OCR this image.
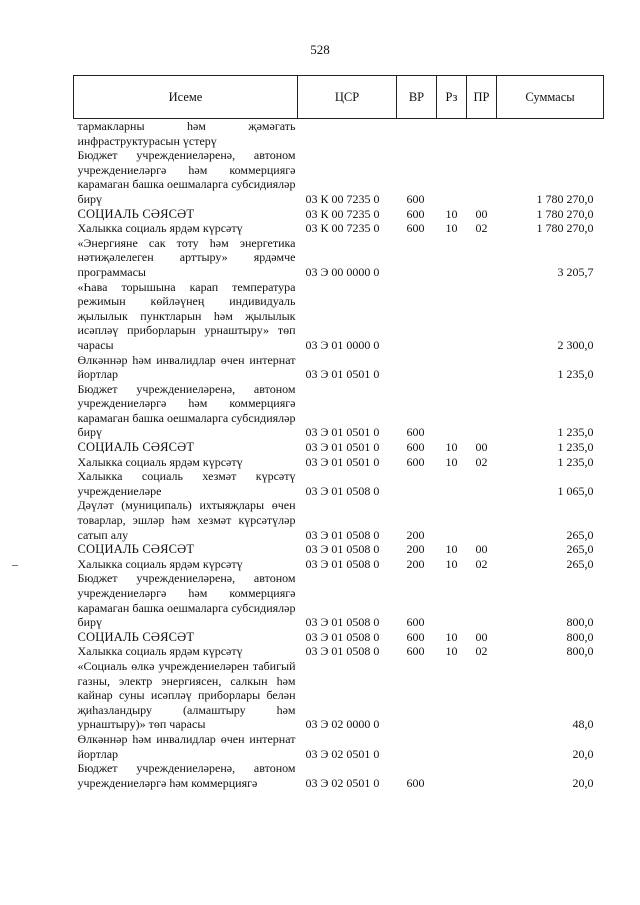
528
Исеме	ЦСР	ВР	Рз	ПР	Суммасы
тармакларны һәм җәмәгать инфраструктурасын үстерү					
Бюджет учреждениеләренә, автоном учреждениеләргә һәм коммерциягә карамаган башка оешмаларга субсидияләр бирү	03 К 00 7235 0	600			1 780 270,0
СОЦИАЛЬ СӘЯСӘТ	03 К 00 7235 0	600	10	00	1 780 270,0
Халыкка социаль ярдәм күрсәтү	03 К 00 7235 0	600	10	02	1 780 270,0
«Энергияне сак тоту һәм энергетика нәтиҗәлелеген арттыру» ярдәмче программасы	03 Э 00 0000 0				3 205,7
«Һава торышына карап температура режимын көйләүнең индивидуаль җылылык пунктларын һәм җылылык исәпләү приборларын урнаштыру» төп чарасы	03 Э 01 0000 0				2 300,0
Өлкәннәр һәм инвалидлар өчен интернат йортлар	03 Э 01 0501 0				1 235,0
Бюджет учреждениеләренә, автоном учреждениеләргә һәм коммерциягә карамаган башка оешмаларга субсидияләр бирү	03 Э 01 0501 0	600			1 235,0
СОЦИАЛЬ СӘЯСӘТ	03 Э 01 0501 0	600	10	00	1 235,0
Халыкка социаль ярдәм күрсәтү	03 Э 01 0501 0	600	10	02	1 235,0
Халыкка социаль хезмәт күрсәтү учреждениеләре	03 Э 01 0508 0				1 065,0
Дәүләт (муниципаль) ихтыяҗлары өчен товарлар, эшләр һәм хезмәт күрсәтүләр сатып алу	03 Э 01 0508 0	200			265,0
СОЦИАЛЬ СӘЯСӘТ	03 Э 01 0508 0	200	10	00	265,0
Халыкка социаль ярдәм күрсәтү	03 Э 01 0508 0	200	10	02	265,0
Бюджет учреждениеләренә, автоном учреждениеләргә һәм коммерциягә карамаган башка оешмаларга субсидияләр бирү	03 Э 01 0508 0	600			800,0
СОЦИАЛЬ СӘЯСӘТ	03 Э 01 0508 0	600	10	00	800,0
Халыкка социаль ярдәм күрсәтү	03 Э 01 0508 0	600	10	02	800,0
«Социаль өлкә учреждениеләрен табигый газны, электр энергиясен, салкын һәм кайнар суны исәпләү приборлары белән җиһазландыру (алмаштыру һәм урнаштыру)» төп чарасы	03 Э 02 0000 0				48,0
Өлкәннәр һәм инвалидлар өчен интернат йортлар	03 Э 02 0501 0				20,0
Бюджет учреждениеләренә, автоном учреждениеләргә һәм коммерциягә	03 Э 02 0501 0	600			20,0
